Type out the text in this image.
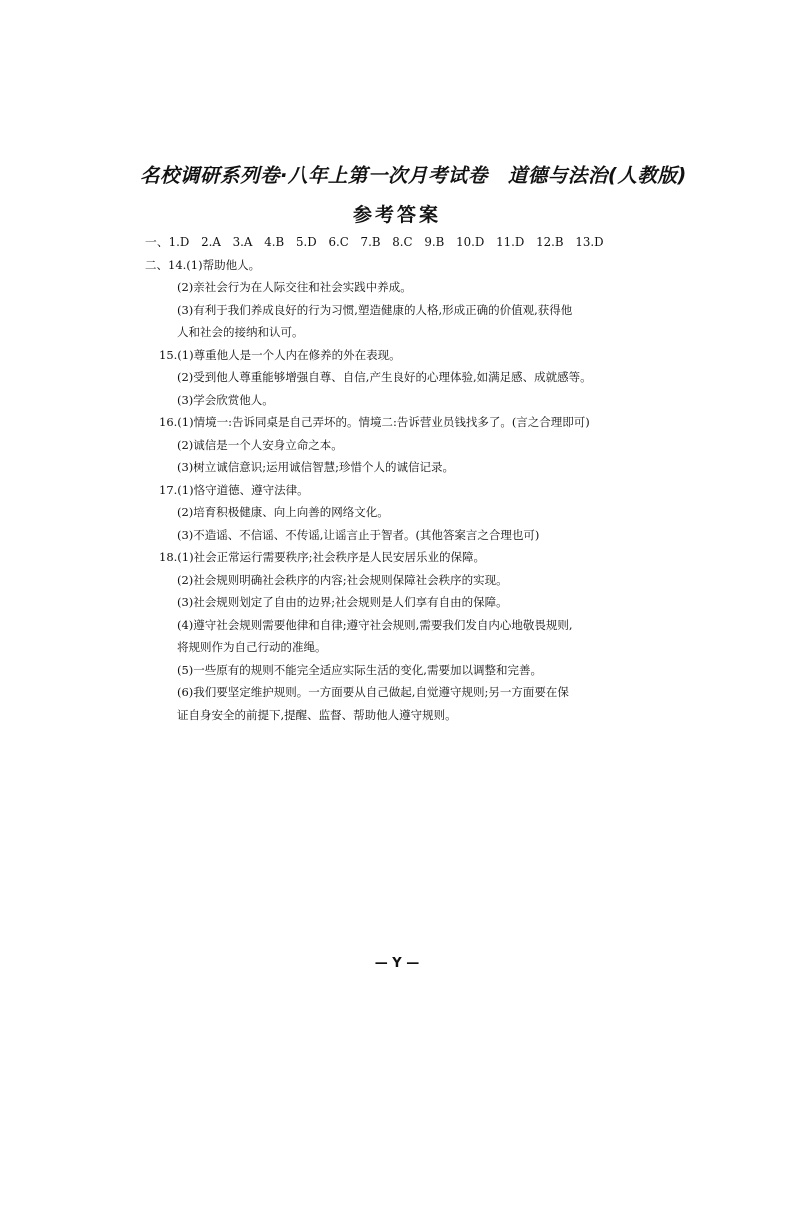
名校调研系列卷·八年上第一次月考试卷　道德与法治(人教版)
参考答案
一、1.D　2.A　3.A　4.B　5.D　6.C　7.B　8.C　9.B　10.D　11.D　12.B　13.D
二、14.(1)帮助他人。
(2)亲社会行为在人际交往和社会实践中养成。
(3)有利于我们养成良好的行为习惯,塑造健康的人格,形成正确的价值观,获得他
人和社会的接纳和认可。
15.(1)尊重他人是一个人内在修养的外在表现。
(2)受到他人尊重能够增强自尊、自信,产生良好的心理体验,如满足感、成就感等。
(3)学会欣赏他人。
16.(1)情境一:告诉同桌是自己弄坏的。情境二:告诉营业员钱找多了。(言之合理即可)
(2)诚信是一个人安身立命之本。
(3)树立诚信意识;运用诚信智慧;珍惜个人的诚信记录。
17.(1)恪守道德、遵守法律。
(2)培育积极健康、向上向善的网络文化。
(3)不造谣、不信谣、不传谣,让谣言止于智者。(其他答案言之合理也可)
18.(1)社会正常运行需要秩序;社会秩序是人民安居乐业的保障。
(2)社会规则明确社会秩序的内容;社会规则保障社会秩序的实现。
(3)社会规则划定了自由的边界;社会规则是人们享有自由的保障。
(4)遵守社会规则需要他律和自律;遵守社会规则,需要我们发自内心地敬畏规则,
将规则作为自己行动的准绳。
(5)一些原有的规则不能完全适应实际生活的变化,需要加以调整和完善。
(6)我们要坚定维护规则。一方面要从自己做起,自觉遵守规则;另一方面要在保
证自身安全的前提下,提醒、监督、帮助他人遵守规则。
— Y —
